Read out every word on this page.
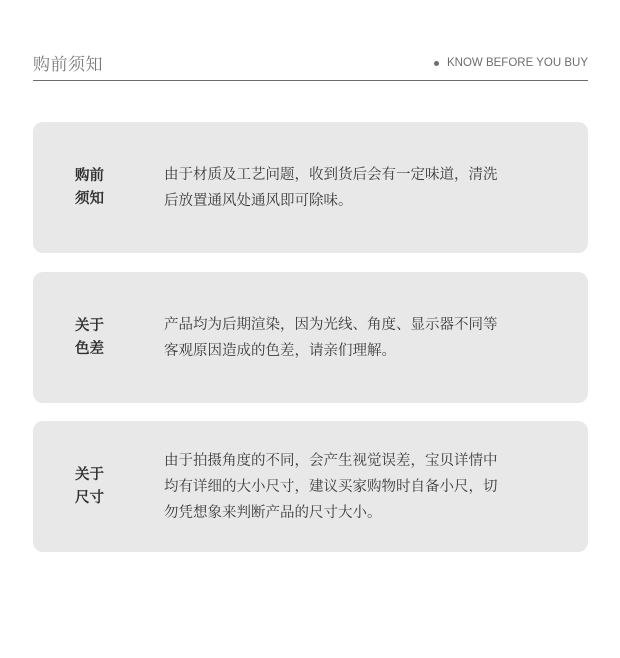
购前须知	KNOW BEFORE YOU BUY
购前
须知
由于材质及工艺问题，收到货后会有一定味道，清洗
后放置通风处通风即可除味。
关于
色差
产品均为后期渲染，因为光线、角度、显示器不同等
客观原因造成的色差，请亲们理解。
关于
尺寸
由于拍摄角度的不同，会产生视觉误差，宝贝详情中
均有详细的大小尺寸，建议买家购物时自备小尺，切
勿凭想象来判断产品的尺寸大小。
